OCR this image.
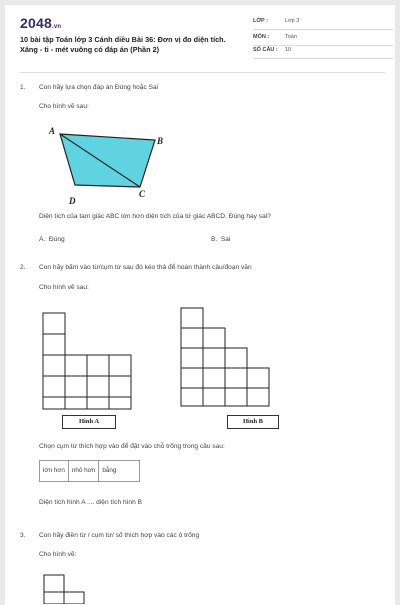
2048.vn
10 bài tập Toán lớp 3 Cánh diều Bài 36: Đơn vị đo diện tích. Xăng - ti - mét vuông có đáp án (Phần 2)
LỚP :	Lớp 3
MÔN :	Toán
SỐ CÂU : 10
1. Con hãy lựa chọn đáp án Đúng hoặc Sai
Cho hình vẽ sau:
A
B
C
D
Diện tích của tam giác ABC lớn hơn diện tích của tứ giác ABCD. Đúng hay sai?
A. Đúng	B. Sai
2. Con hãy bấm vào từ/cụm từ sau đó kéo thả để hoàn thành câu/đoạn văn
Cho hình vẽ sau:
Hình A	Hình B
Chọn cụm từ thích hợp vào để đặt vào chỗ trống trong câu sau:
lớn hơn	nhỏ hơn	bằng
Diện tích hình A .... diện tích hình B
3. Con hãy điền từ / cụm từ/ số thích hợp vào các ô trống
Cho hình vẽ:
